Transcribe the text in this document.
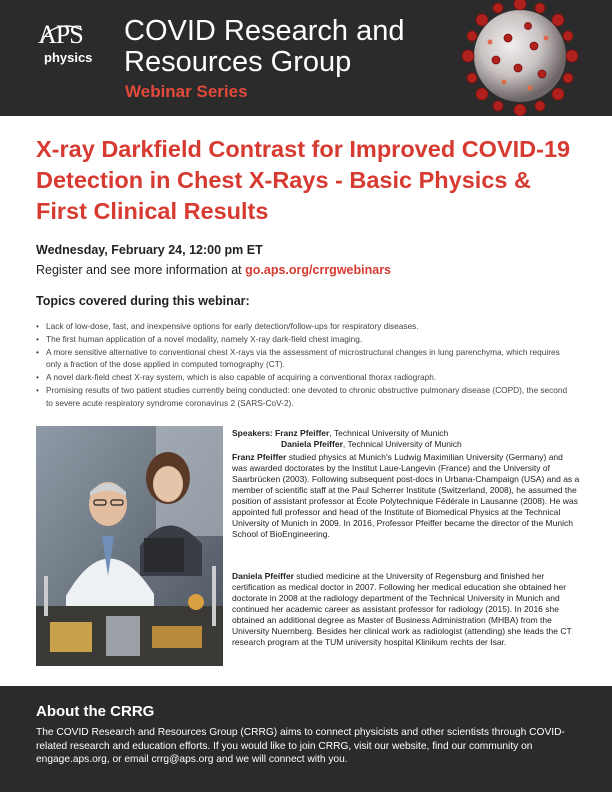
APS
physics
COVID Research and Resources Group
Webinar Series
X-ray Darkfield Contrast for Improved COVID-19 Detection in Chest X-Rays - Basic Physics & First Clinical Results
Wednesday, February 24, 12:00 pm ET
Register and see more information at go.aps.org/crrgwebinars
Topics covered during this webinar:
• Lack of low-dose, fast, and inexpensive options for early detection/follow-ups for respiratory diseases.
• The first human application of a novel modality, namely X-ray dark-field chest imaging.
• A more sensitive alternative to conventional chest X-rays via the assessment of microstructural changes in lung parenchyma, which requires only a fraction of the dose applied in computed tomography (CT).
• A novel dark-field chest X-ray system, which is also capable of acquiring a conventional thorax radiograph.
• Promising results of two patient studies currently being conducted: one devoted to chronic obstructive pulmonary disease (COPD), the second to severe acute respiratory syndrome coronavirus 2 (SARS-CoV-2).
Speakers: Franz Pfeiffer, Technical University of Munich
Daniela Pfeiffer, Technical University of Munich
Franz Pfeiffer studied physics at Munich's Ludwig Maximilian University (Germany) and was awarded doctorates by the Institut Laue-Langevin (France) and the University of Saarbrücken (2003). Following subsequent post-docs in Urbana-Champaign (USA) and as a member of scientific staff at the Paul Scherrer Institute (Switzerland, 2008), he assumed the position of assistant professor at École Polytechnique Fédérale in Lausanne (2008). He was appointed full professor and head of the Institute of Biomedical Physics at the Technical University of Munich in 2009. In 2016, Professor Pfeiffer became the director of the Munich School of BioEngineering.
Daniela Pfeiffer studied medicine at the University of Regensburg and finished her certification as medical doctor in 2007. Following her medical education she obtained her doctorate in 2008 at the radiology department of the Technical University in Munich and continued her academic career as assistant professor for radiology (2015). In 2016 she obtained an additional degree as Master of Business Administration (MHBA) from the University Nuernberg. Besides her clinical work as radiologist (attending) she leads the CT research program at the TUM university hospital Klinikum rechts der Isar.
About the CRRG
The COVID Research and Resources Group (CRRG) aims to connect physicists and other scientists through COVID-related research and education efforts. If you would like to join CRRG, visit our website, find our community on engage.aps.org, or email crrg@aps.org and we will connect with you.
